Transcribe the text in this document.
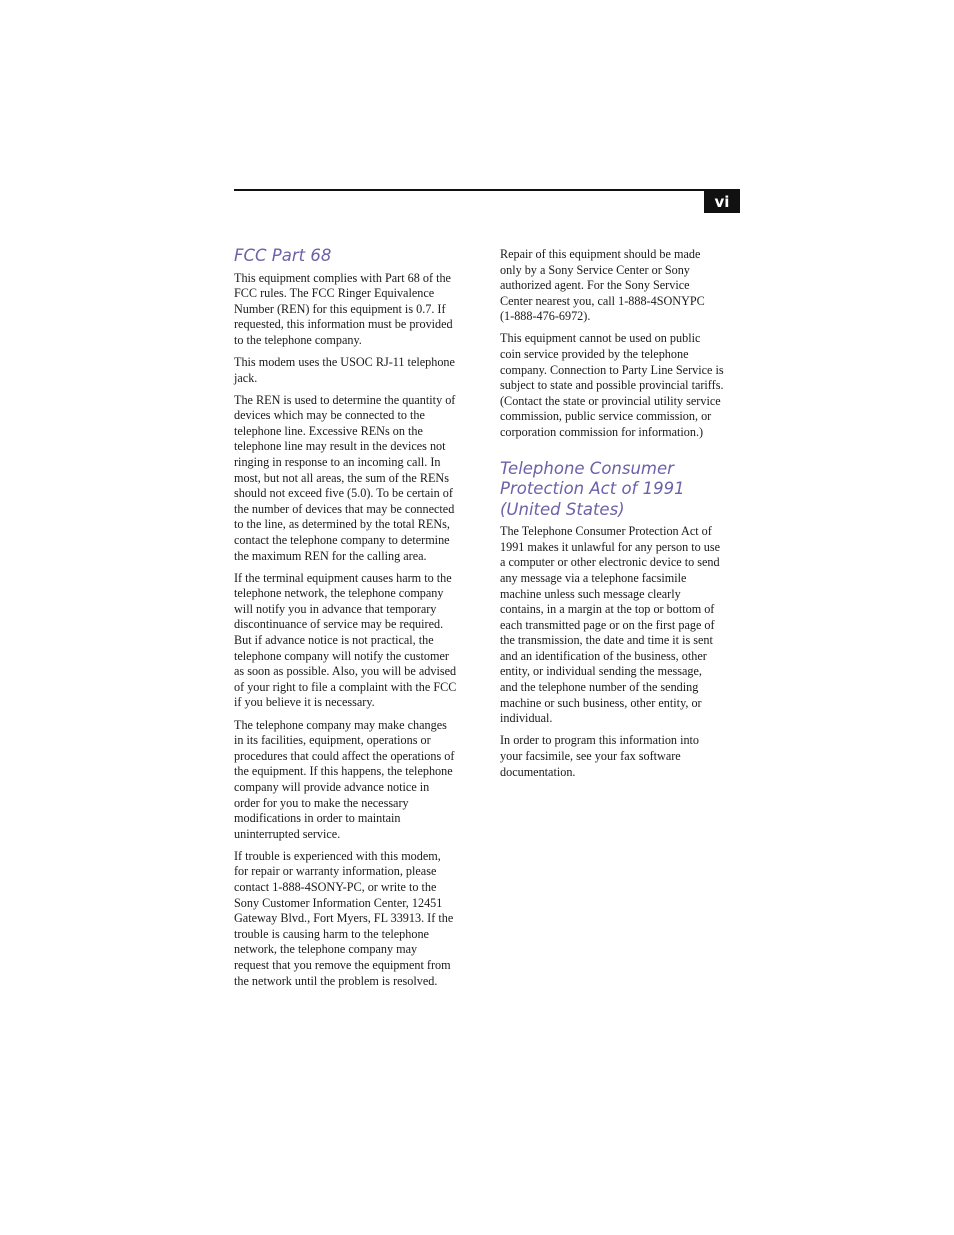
vi
FCC Part 68

This equipment complies with Part 68 of the
FCC rules. The FCC Ringer Equivalence
Number (REN) for this equipment is 0.7. If
requested, this information must be provided
to the telephone company.

This modem uses the USOC RJ-11 telephone
jack.

The REN is used to determine the quantity of
devices which may be connected to the
telephone line. Excessive RENs on the
telephone line may result in the devices not
ringing in response to an incoming call. In
most, but not all areas, the sum of the RENs
should not exceed five (5.0). To be certain of
the number of devices that may be connected
to the line, as determined by the total RENs,
contact the telephone company to determine
the maximum REN for the calling area.

If the terminal equipment causes harm to the
telephone network, the telephone company
will notify you in advance that temporary
discontinuance of service may be required.
But if advance notice is not practical, the
telephone company will notify the customer
as soon as possible. Also, you will be advised
of your right to file a complaint with the FCC
if you believe it is necessary.

The telephone company may make changes
in its facilities, equipment, operations or
procedures that could affect the operations of
the equipment. If this happens, the telephone
company will provide advance notice in
order for you to make the necessary
modifications in order to maintain
uninterrupted service.

If trouble is experienced with this modem,
for repair or warranty information, please
contact 1-888-4SONY-PC, or write to the
Sony Customer Information Center, 12451
Gateway Blvd., Fort Myers, FL 33913. If the
trouble is causing harm to the telephone
network, the telephone company may
request that you remove the equipment from
the network until the problem is resolved.

Repair of this equipment should be made
only by a Sony Service Center or Sony
authorized agent. For the Sony Service
Center nearest you, call 1-888-4SONYPC
(1-888-476-6972).

This equipment cannot be used on public
coin service provided by the telephone
company. Connection to Party Line Service is
subject to state and possible provincial tariffs.
(Contact the state or provincial utility service
commission, public service commission, or
corporation commission for information.)

Telephone Consumer
Protection Act of 1991
(United States)

The Telephone Consumer Protection Act of
1991 makes it unlawful for any person to use
a computer or other electronic device to send
any message via a telephone facsimile
machine unless such message clearly
contains, in a margin at the top or bottom of
each transmitted page or on the first page of
the transmission, the date and time it is sent
and an identification of the business, other
entity, or individual sending the message,
and the telephone number of the sending
machine or such business, other entity, or
individual.

In order to program this information into
your facsimile, see your fax software
documentation.
